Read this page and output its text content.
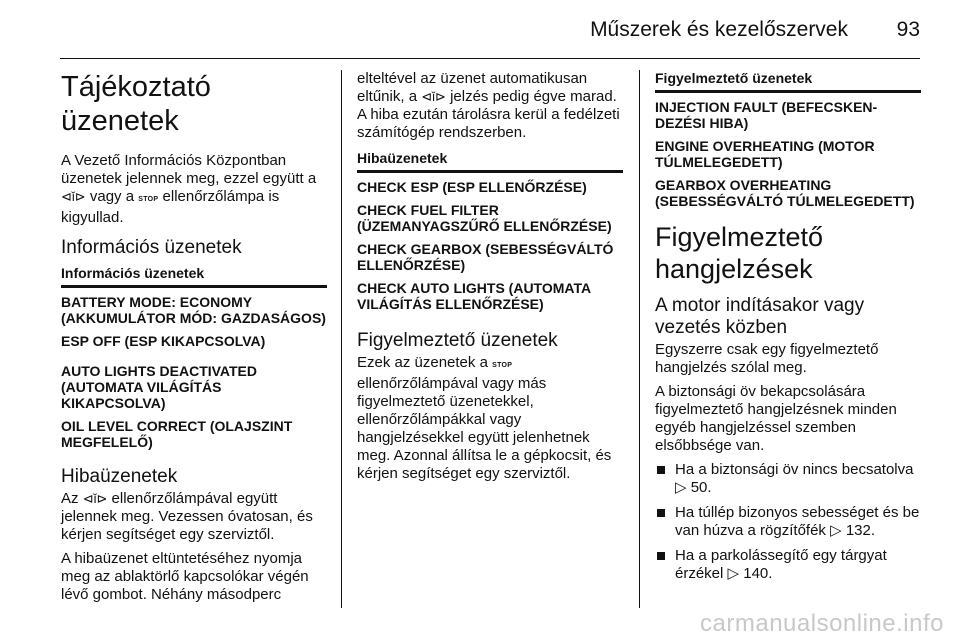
Műszerek és kezelőszervek 93
Tájékoztató üzenetek

A Vezető Információs Központban üzenetek jelennek meg, ezzel együtt a ⊲ǐ⊳ vagy a STOP ellenőrzőlámpa is kigyullad.

Információs üzenetek
Információs üzenetek
BATTERY MODE: ECONOMY (AKKUMULÁTOR MÓD: GAZDASÁGOS)
ESP OFF (ESP KIKAPCSOLVA)
AUTO LIGHTS DEACTIVATED (AUTOMATA VILÁGÍTÁS KIKAPCSOLVA)
OIL LEVEL CORRECT (OLAJSZINT MEGFELELŐ)
Hibaüzenetek

Az ⊲ǐ⊳ ellenőrzőlámpával együtt jelennek meg. Vezessen óvatosan, és kérjen segítséget egy szerviztől.

A hibaüzenet eltüntetéséhez nyomja meg az ablaktörlő kapcsolókar végén lévő gombot. Néhány másodperc

elteltével az üzenet automatikusan eltűnik, a ⊲ǐ⊳ jelzés pedig égve marad. A hiba ezután tárolásra kerül a fedélzeti számítógép rendszerben.

Hibaüzenetek
CHECK ESP (ESP ELLENŐRZÉSE)
CHECK FUEL FILTER (ÜZEMANYAGSZŰRŐ ELLENŐRZÉSE)
CHECK GEARBOX (SEBESSÉGVÁLTÓ ELLENŐRZÉSE)
CHECK AUTO LIGHTS (AUTOMATA VILÁGÍTÁS ELLENŐRZÉSE)
Figyelmeztető üzenetek

Ezek az üzenetek a STOP ellenőrzőlámpával vagy más figyelmeztető üzenetekkel, ellenőrzőlámpákkal vagy hangjelzésekkel együtt jelenhetnek meg. Azonnal állítsa le a gépkocsit, és kérjen segítséget egy szerviztől.

Figyelmeztető üzenetek
INJECTION FAULT (BEFECSKEN-DEZÉSI HIBA)
ENGINE OVERHEATING (MOTOR TÚLMELEGEDETT)
GEARBOX OVERHEATING (SEBESSÉGVÁLTÓ TÚLMELEGEDETT)
Figyelmeztető hangjelzések
A motor indításakor vagy vezetés közben

Egyszerre csak egy figyelmeztető hangjelzés szólal meg.

A biztonsági öv bekapcsolására figyelmeztető hangjelzésnek minden egyéb hangjelzéssel szemben elsőbbsége van.

Ha a biztonsági öv nincs becsatolva ▷ 50.
Ha túllép bizonyos sebességet és be van húzva a rögzítőfék ▷ 132.
Ha a parkolássegítő egy tárgyat érzékel ▷ 140.
carmanualsonline.info
